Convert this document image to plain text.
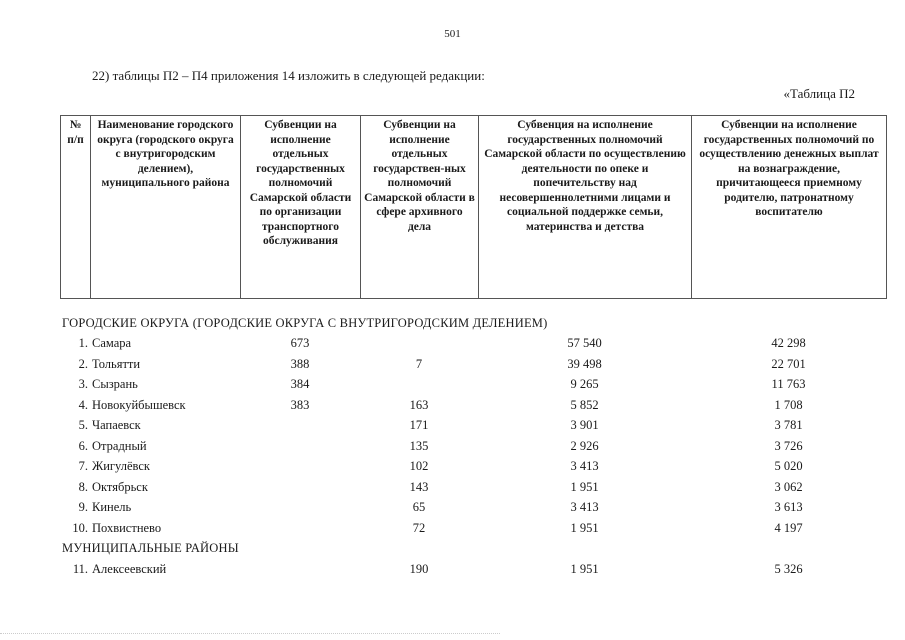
501
22) таблицы П2 – П4 приложения 14 изложить в следующей редакции:
«Таблица П2
№ п/п	Наименование городского округа (городского округа с внутригородским делением), муниципального района	Субвенции на исполнение отдельных государственных полномочий Самарской области по организации транспортного обслуживания	Субвенции на исполнение отдельных государствен-ных полномочий Самарской области в сфере архивного дела	Субвенция на исполнение государственных полномочий Самарской области по осуществлению деятельности по опеке и попечительству над несовершеннолетними лицами и социальной поддержке семьи, материнства и детства	Субвенции на исполнение государственных полномочий по осуществлению денежных выплат на вознаграждение, причитающееся приемному родителю, патронатному воспитателю
ГОРОДСКИЕ ОКРУГА (ГОРОДСКИЕ ОКРУГА С ВНУТРИГОРОДСКИМ ДЕЛЕНИЕМ)					
1.	Самара	673		57 540	42 298
2.	Тольятти	388	7	39 498	22 701
3.	Сызрань	384		9 265	11 763
4.	Новокуйбышевск	383	163	5 852	1 708
5.	Чапаевск		171	3 901	3 781
6.	Отрадный		135	2 926	3 726
7.	Жигулёвск		102	3 413	5 020
8.	Октябрьск		143	1 951	3 062
9.	Кинель		65	3 413	3 613
10.	Похвистнево		72	1 951	4 197
МУНИЦИПАЛЬНЫЕ РАЙОНЫ					
11.	Алексеевский		190	1 951	5 326
